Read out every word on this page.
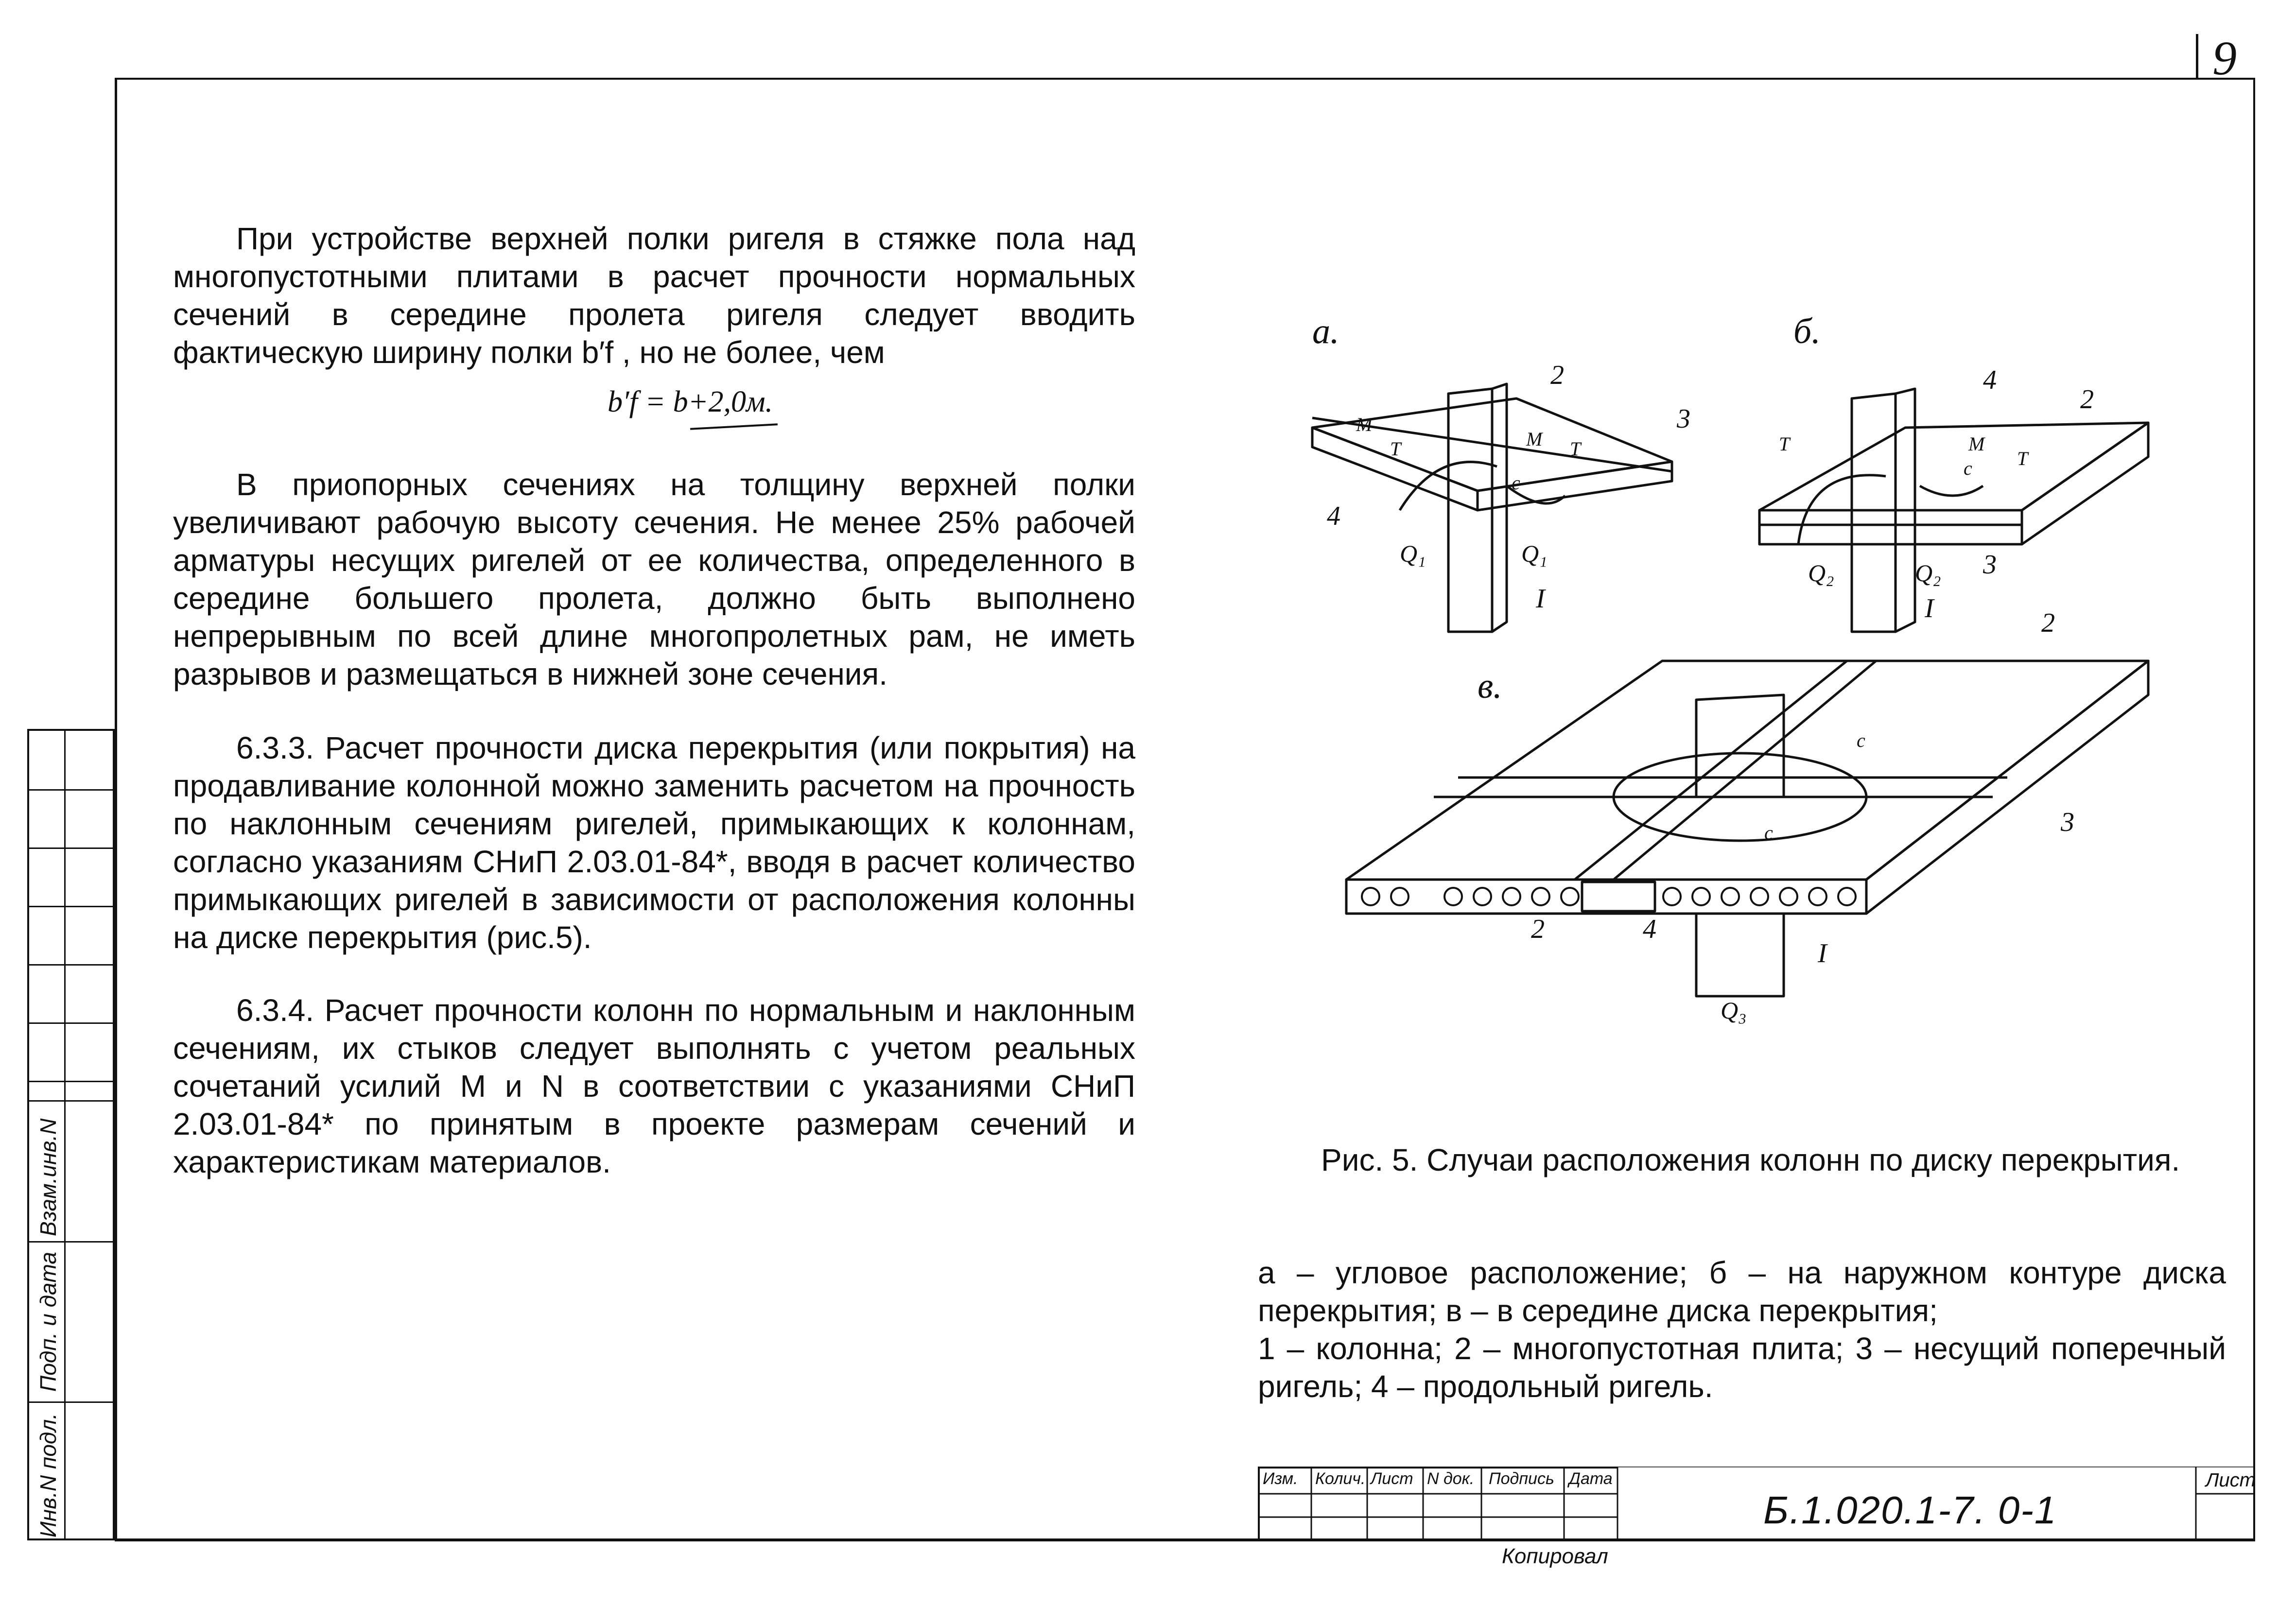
9
При устройстве верхней полки ригеля в стяжке пола над многопустотными плитами в расчет прочности нормальных сечений в середине пролета ригеля следует вводить фактическую ширину полки b′f , но не более, чем
b′f = b+2,0м.
В приопорных сечениях на толщину верхней полки увеличивают рабочую высоту сечения. Не менее 25% рабочей арматуры несущих ригелей от ее количества, определенного в середине большего пролета, должно быть выполнено непрерывным по всей длине многопролетных рам, не иметь разрывов и размещаться в нижней зоне сечения.
6.3.3. Расчет прочности диска перекрытия (или покрытия) на продавливание колонной можно заменить расчетом на прочность по наклонным сечениям ригелей, примыкающих к колоннам, согласно указаниям СНиП 2.03.01-84*, вводя в расчет количество примыкающих ригелей в зависимости от расположения колонны на диске перекрытия (рис.5).
6.3.4. Расчет прочности колонн по нормальным и наклонным сечениям, их стыков следует выполнять с учетом реальных сочетаний усилий М и N в соответствии с указаниями СНиП 2.03.01-84* по принятым в проекте размерам сечений и характеристикам материалов.
а.	б.
в.
2
3
4
I
Q₁	Q₁
М
Т	М Т
с
4
2
3
I
Q₂	Q₂
Т	М
Т
с
2
3
2	4
I
Q₃
с
с
Рис. 5. Случаи расположения колонн по диску перекрытия.
а – угловое расположение; б – на наружном контуре диска перекрытия; в – в середине диска перекрытия;
1 – колонна; 2 – многопустотная плита; 3 – несущий поперечный ригель; 4 – продольный ригель.
Инв.N подл.
Подп. и дата
Взам.инв.N
Изм. Колич. Лист N док. Подпись Дата
Б.1.020.1-7. 0-1
Лист
Копировал
